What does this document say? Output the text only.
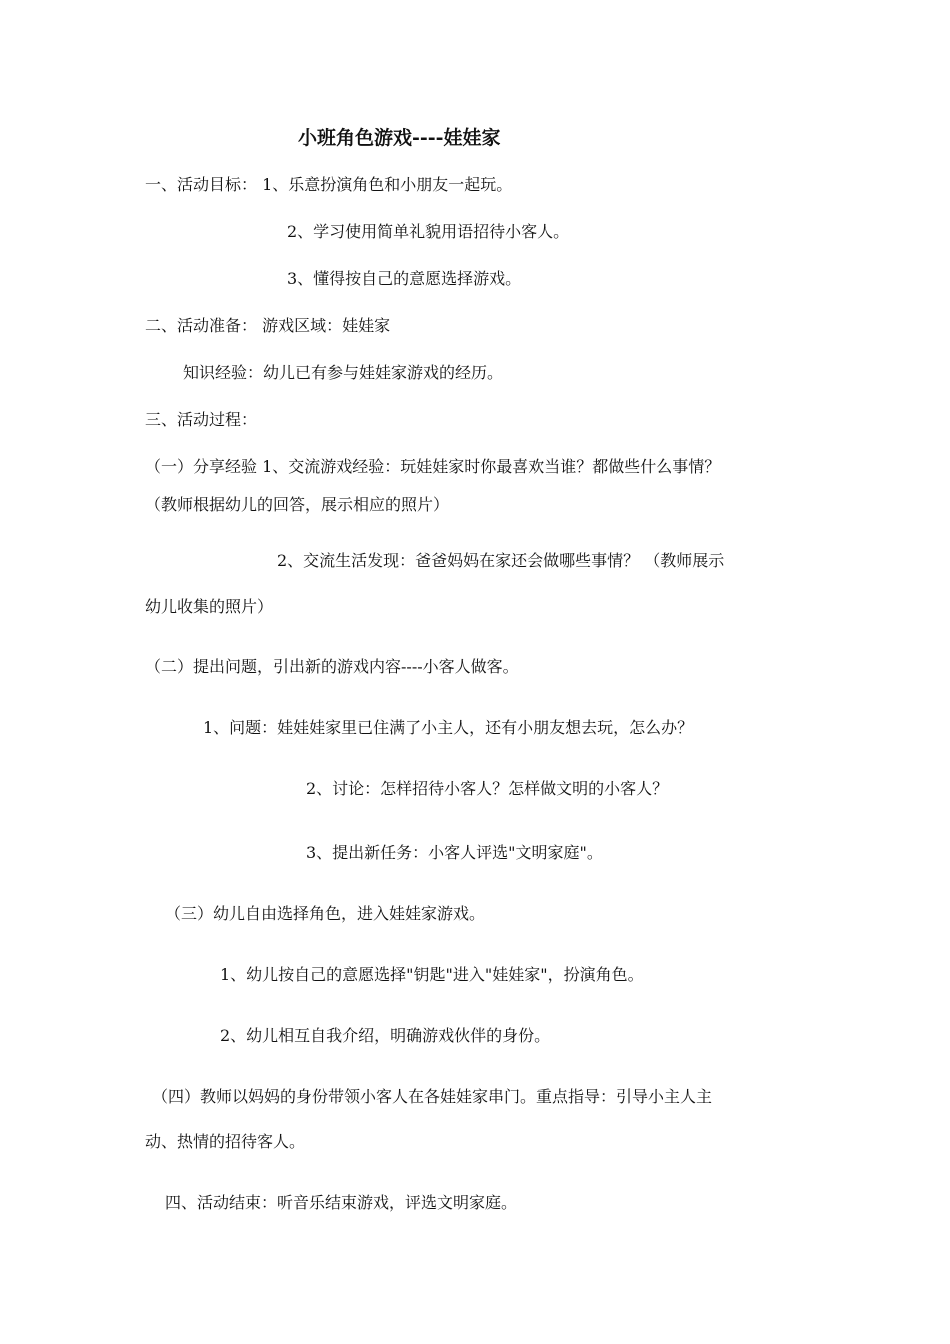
小班角色游戏----娃娃家
一、活动目标： 1、乐意扮演角色和小朋友一起玩。
2、学习使用简单礼貌用语招待小客人。
3、懂得按自己的意愿选择游戏。
二、活动准备： 游戏区域：娃娃家
知识经验：幼儿已有参与娃娃家游戏的经历。
三、活动过程：
（一）分享经验 1、交流游戏经验：玩娃娃家时你最喜欢当谁？都做些什么事情？
（教师根据幼儿的回答，展示相应的照片）
2、交流生活发现：爸爸妈妈在家还会做哪些事情？ （教师展示
幼儿收集的照片）
（二）提出问题，引出新的游戏内容----小客人做客。
1、问题：娃娃娃家里已住满了小主人，还有小朋友想去玩，怎么办？
2、讨论：怎样招待小客人？怎样做文明的小客人？
3、提出新任务：小客人评选"文明家庭"。
（三）幼儿自由选择角色，进入娃娃家游戏。
1、幼儿按自己的意愿选择"钥匙"进入"娃娃家"，扮演角色。
2、幼儿相互自我介绍，明确游戏伙伴的身份。
（四）教师以妈妈的身份带领小客人在各娃娃家串门。重点指导：引导小主人主
动、热情的招待客人。
四、活动结束：听音乐结束游戏，评选文明家庭。
